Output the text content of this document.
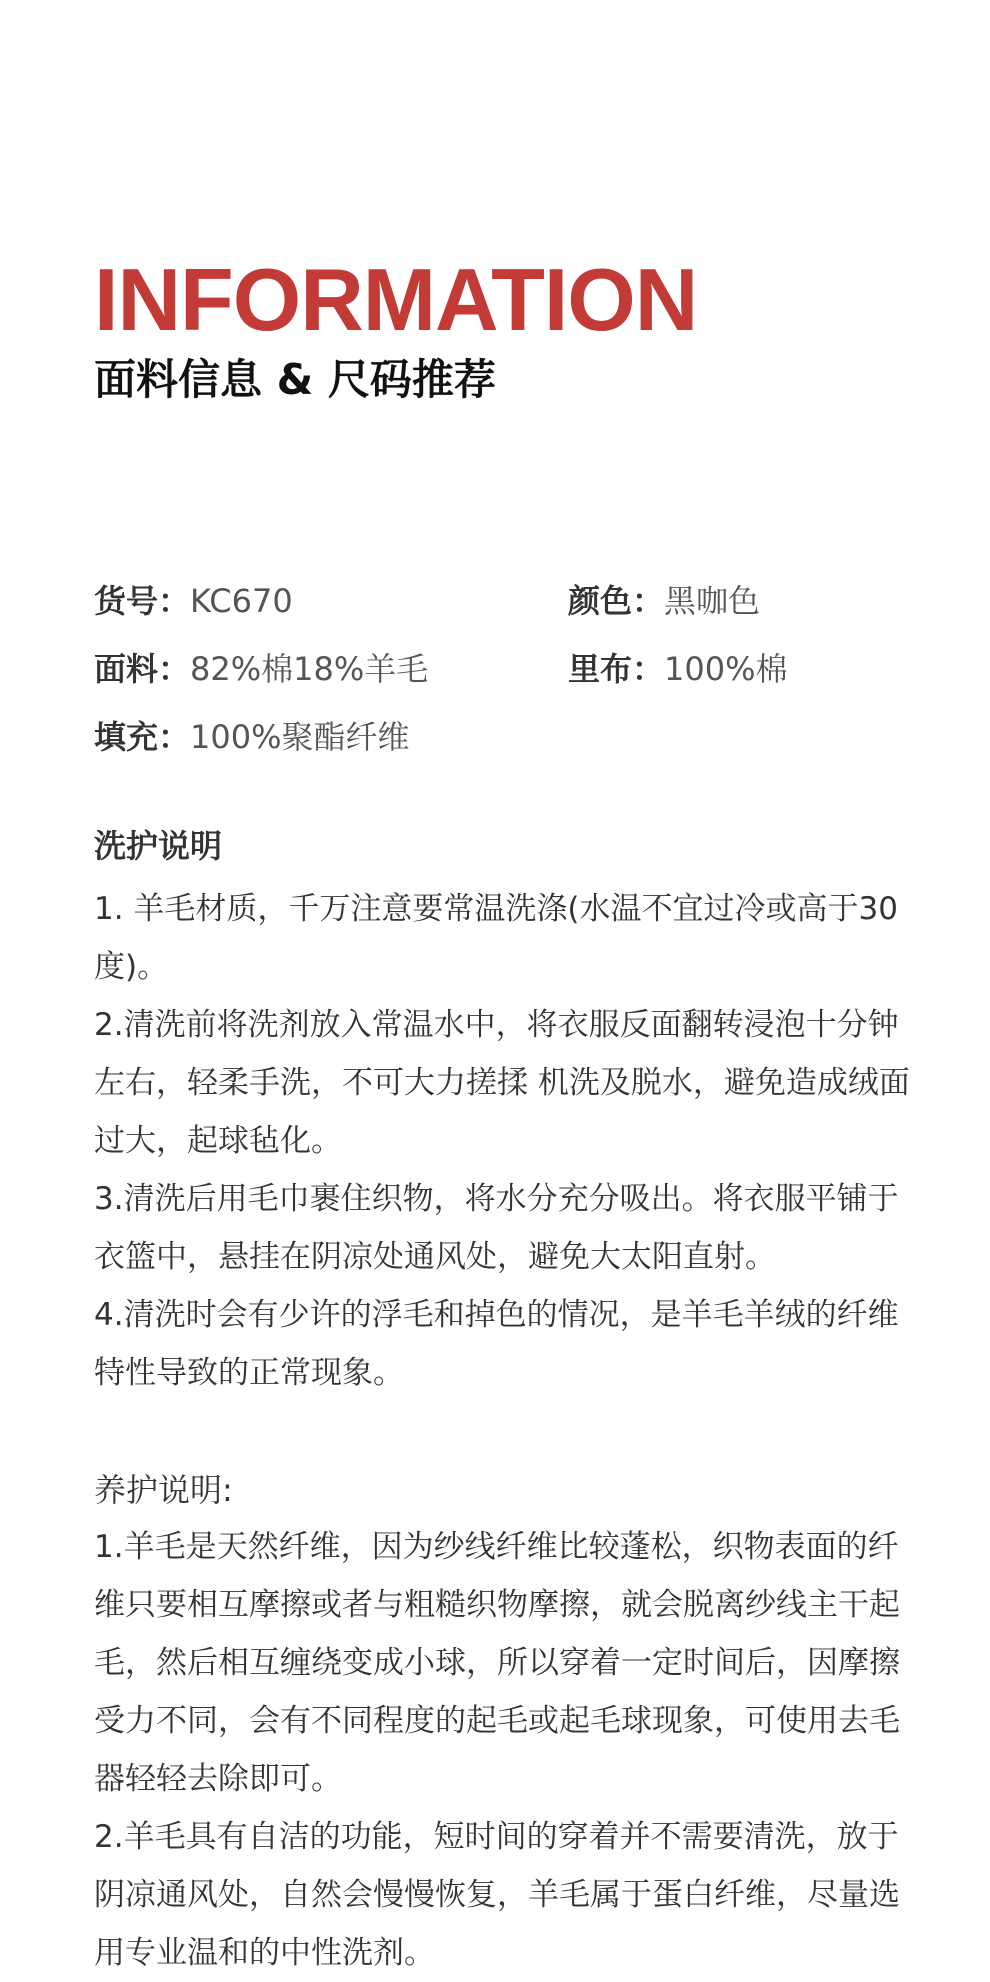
INFORMATION
面料信息 & 尺码推荐
货号：KC670	颜色：黑咖色
面料：82%棉18%羊毛	里布：100%棉
填充：100%聚酯纤维
洗护说明
1. 羊毛材质，千万注意要常温洗涤(水温不宜过冷或高于30度)。
2.清洗前将洗剂放入常温水中，将衣服反面翻转浸泡十分钟左右，轻柔手洗，不可大力搓揉 机洗及脱水，避免造成绒面过大，起球毡化。
3.清洗后用毛巾裹住织物，将水分充分吸出。将衣服平铺于衣篮中，悬挂在阴凉处通风处，避免大太阳直射。
4.清洗时会有少许的浮毛和掉色的情况，是羊毛羊绒的纤维特性导致的正常现象。
养护说明:
1.羊毛是天然纤维，因为纱线纤维比较蓬松，织物表面的纤维只要相互摩擦或者与粗糙织物摩擦，就会脱离纱线主干起毛，然后相互缠绕变成小球，所以穿着一定时间后，因摩擦受力不同，会有不同程度的起毛或起毛球现象，可使用去毛器轻轻去除即可。
2.羊毛具有自洁的功能，短时间的穿着并不需要清洗，放于阴凉通风处，自然会慢慢恢复，羊毛属于蛋白纤维，尽量选用专业温和的中性洗剂。
